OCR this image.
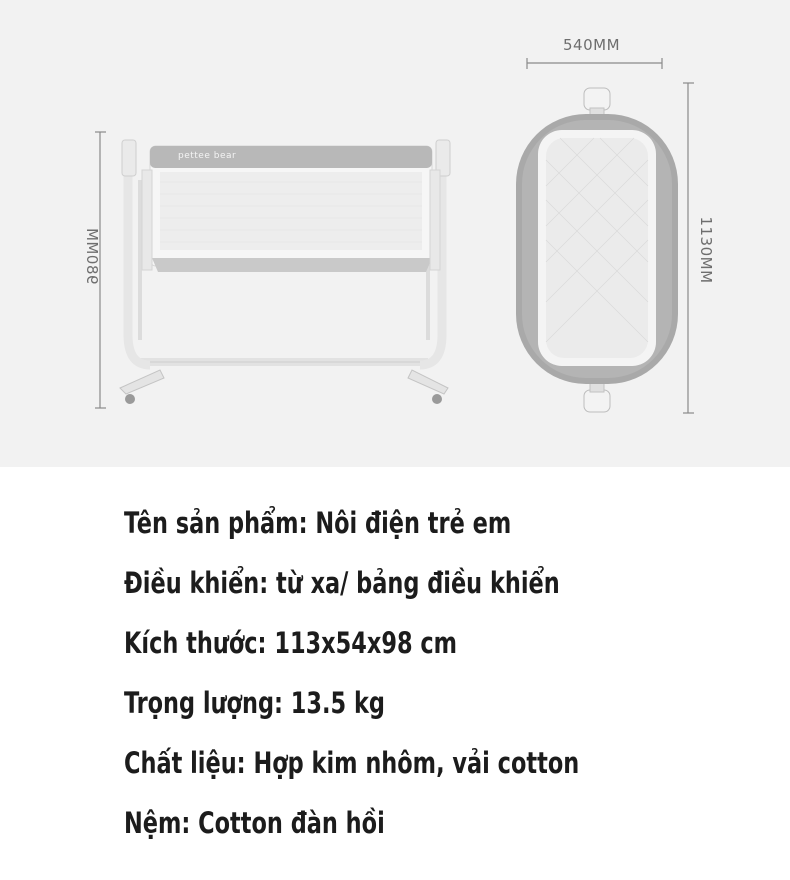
pettee bear
540MM
980MM	1130MM
Tên sản phẩm: Nôi điện trẻ em
Điều khiển: từ xa/ bảng điều khiển
Kích thước: 113x54x98 cm
Trọng lượng: 13.5 kg
Chất liệu: Hợp kim nhôm, vải cotton
Nệm: Cotton đàn hồi
